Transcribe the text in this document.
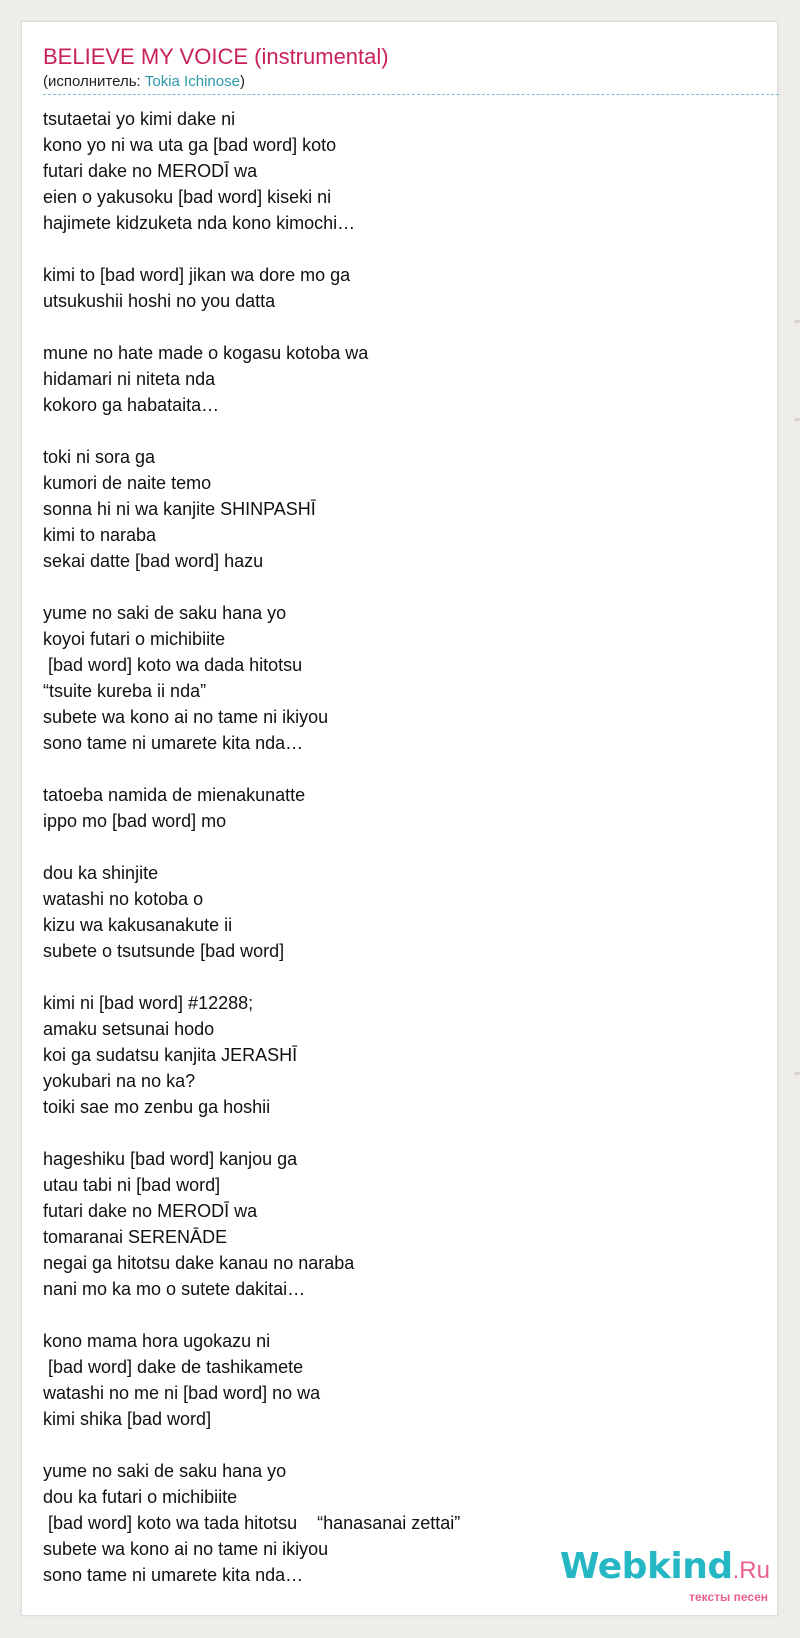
BELIEVE MY VOICE (instrumental)
(исполнитель: Tokia Ichinose)
tsutaetai yo kimi dake ni
kono yo ni wa uta ga [bad word] koto
futari dake no MERODĪ wa
eien o yakusoku [bad word] kiseki ni
hajimete kidzuketa nda kono kimochi…
kimi to [bad word] jikan wa dore mo ga
utsukushii hoshi no you datta
mune no hate made o kogasu kotoba wa
hidamari ni niteta nda
kokoro ga habataita…
toki ni sora ga
kumori de naite temo
sonna hi ni wa kanjite SHINPASHĪ
kimi to naraba
sekai datte [bad word] hazu
yume no saki de saku hana yo
koyoi futari o michibiite
[bad word] koto wa dada hitotsu
“tsuite kureba ii nda”
subete wa kono ai no tame ni ikiyou
sono tame ni umarete kita nda…
tatoeba namida de mienakunatte
ippo mo [bad word] mo
dou ka shinjite
watashi no kotoba o
kizu wa kakusanakute ii
subete o tsutsunde [bad word]
kimi ni [bad word] #12288;
amaku setsunai hodo
koi ga sudatsu kanjita JERASHĪ
yokubari na no ka?
toiki sae mo zenbu ga hoshii
hageshiku [bad word] kanjou ga
utau tabi ni [bad word]
futari dake no MERODĪ wa
tomaranai SERENĀDE
negai ga hitotsu dake kanau no naraba
nani mo ka mo o sutete dakitai…
kono mama hora ugokazu ni
[bad word] dake de tashikamete
watashi no me ni [bad word] no wa
kimi shika [bad word]
yume no saki de saku hana yo
dou ka futari o michibiite
[bad word] koto wa tada hitotsu    “hanasanai zettai”
subete wa kono ai no tame ni ikiyou
sono tame ni umarete kita nda…	Webkind.Ru
тексты песен
